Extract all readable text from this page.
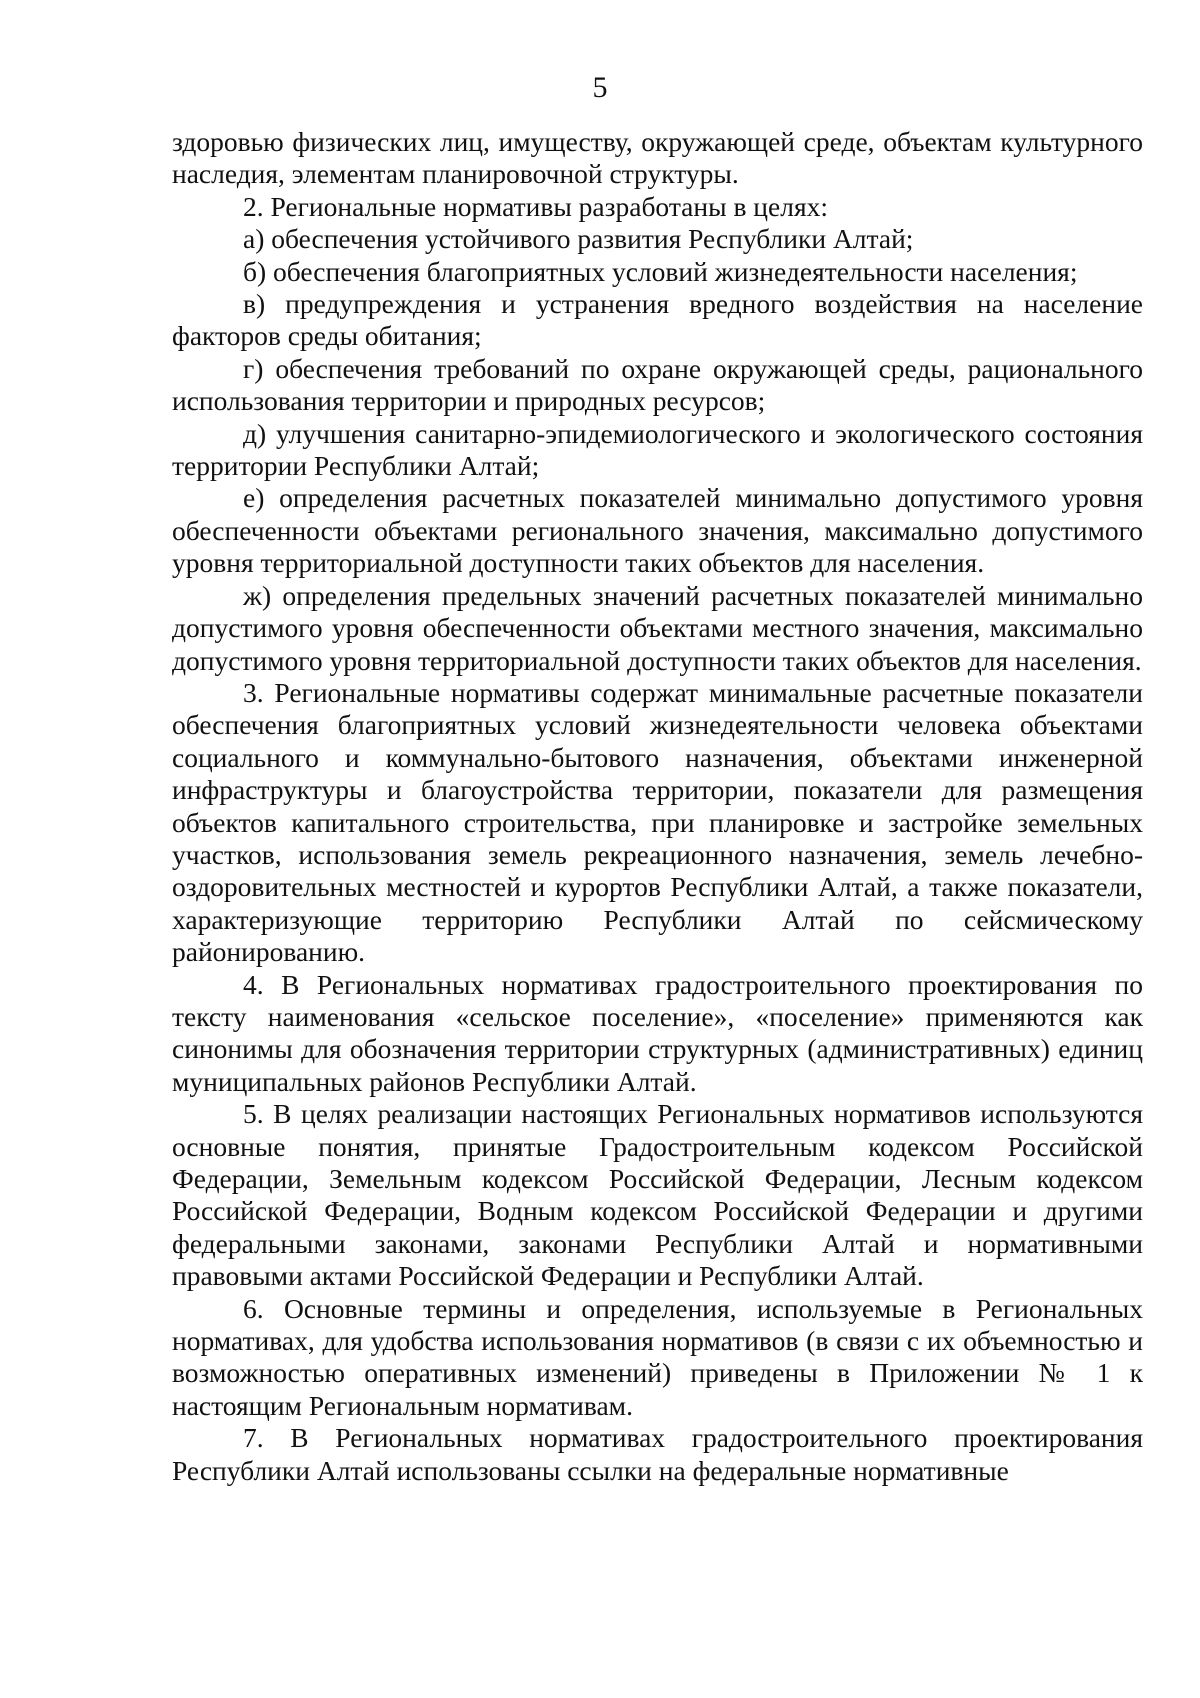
5

здоровью физических лиц, имуществу, окружающей среде, объектам культурного наследия, элементам планировочной структуры.

2. Региональные нормативы разработаны в целях:

а) обеспечения устойчивого развития Республики Алтай;

б) обеспечения благоприятных условий жизнедеятельности населения;

в) предупреждения и устранения вредного воздействия на население факторов среды обитания;

г) обеспечения требований по охране окружающей среды, рационального использования территории и природных ресурсов;

д) улучшения санитарно-эпидемиологического и экологического состояния территории Республики Алтай;

е) определения расчетных показателей минимально допустимого уровня обеспеченности объектами регионального значения, максимально допустимого уровня территориальной доступности таких объектов для населения.

ж) определения предельных значений расчетных показателей минимально допустимого уровня обеспеченности объектами местного значения, максимально допустимого уровня территориальной доступности таких объектов для населения.

3. Региональные нормативы содержат минимальные расчетные показатели обеспечения благоприятных условий жизнедеятельности человека объектами социального и коммунально-бытового назначения, объектами инженерной инфраструктуры и благоустройства территории, показатели для размещения объектов капитального строительства, при планировке и застройке земельных участков, использования земель рекреационного назначения, земель лечебно-оздоровительных местностей и курортов Республики Алтай, а также показатели, характеризующие территорию Республики Алтай по сейсмическому районированию.

4. В Региональных нормативах градостроительного проектирования по тексту наименования «сельское поселение», «поселение» применяются как синонимы для обозначения территории структурных (административных) единиц муниципальных районов Республики Алтай.

5. В целях реализации настоящих Региональных нормативов используются основные понятия, принятые Градостроительным кодексом Российской Федерации, Земельным кодексом Российской Федерации, Лесным кодексом Российской Федерации, Водным кодексом Российской Федерации и другими федеральными законами, законами Республики Алтай и нормативными правовыми актами Российской Федерации и Республики Алтай.

6. Основные термины и определения, используемые в Региональных нормативах, для удобства использования нормативов (в связи с их объемностью и возможностью оперативных изменений) приведены в Приложении № 1 к настоящим Региональным нормативам.

7. В Региональных нормативах градостроительного проектирования Республики Алтай использованы ссылки на федеральные нормативные
